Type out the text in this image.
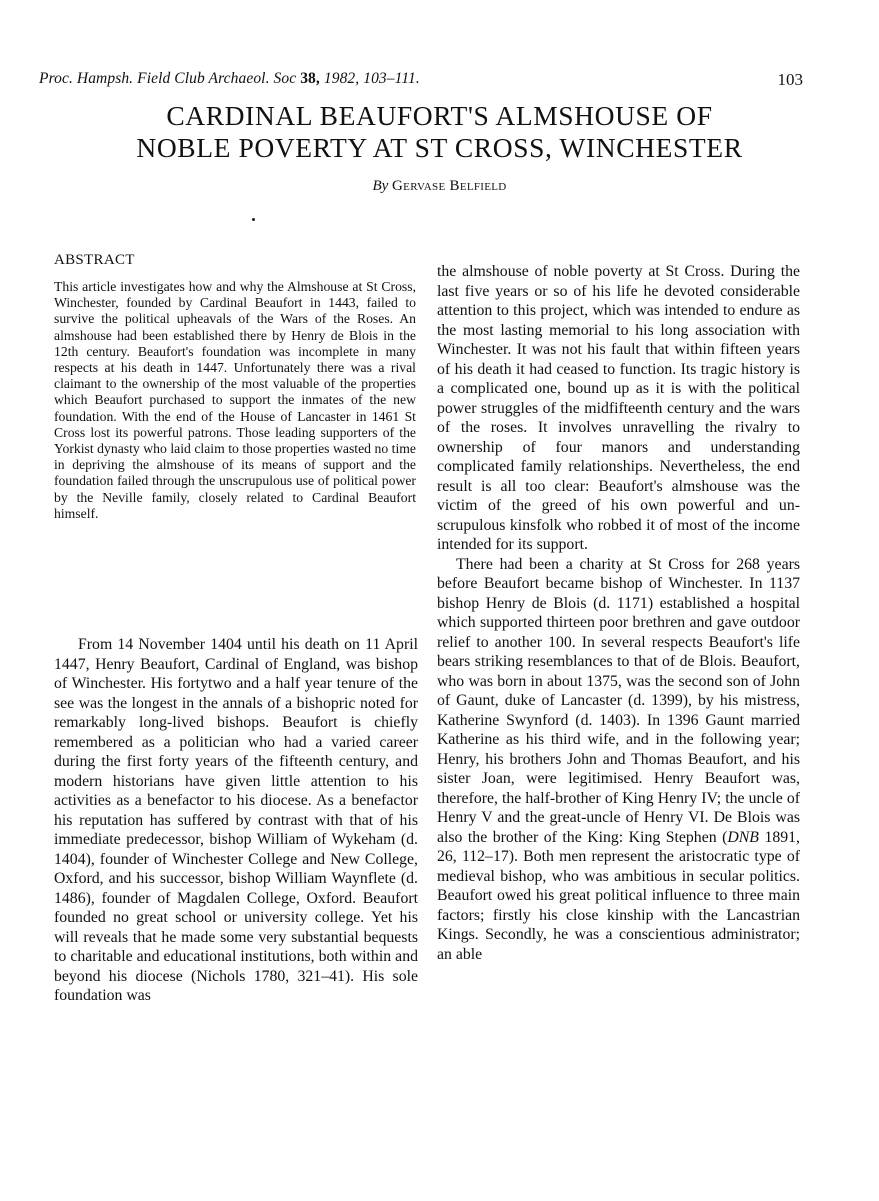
Proc. Hampsh. Field Club Archaeol. Soc 38, 1982, 103–111.	103
CARDINAL BEAUFORT'S ALMSHOUSE OF
NOBLE POVERTY AT ST CROSS, WINCHESTER
By Gervase Belfield
ABSTRACT

This article investigates how and why the Almshouse at St Cross, Winchester, founded by Cardinal Beaufort in 1443, failed to survive the political upheavals of the Wars of the Roses. An almshouse had been established there by Henry de Blois in the 12th century. Beaufort's foundation was incomplete in many respects at his death in 1447. Unfortunately there was a rival claimant to the ownership of the most valuable of the properties which Beaufort purchased to support the inmates of the new foundation. With the end of the House of Lancaster in 1461 St Cross lost its powerful patrons. Those leading supporters of the Yorkist dynasty who laid claim to those properties wasted no time in depriving the almshouse of its means of support and the foundation failed through the unscrupulous use of political power by the Neville family, closely related to Cardinal Beaufort himself.

From 14 November 1404 until his death on 11 April 1447, Henry Beaufort, Cardinal of England, was bishop of Winchester. His fortytwo and a half year tenure of the see was the longest in the annals of a bishopric noted for remarkably long-lived bishops. Beaufort is chiefly remembered as a politician who had a varied career during the first forty years of the fifteenth century, and modern historians have given little attention to his activities as a benefactor to his diocese. As a benefactor his reputation has suffered by contrast with that of his immediate predecessor, bishop William of Wykeham (d. 1404), founder of Winchester College and New College, Oxford, and his successor, bishop William Waynflete (d. 1486), founder of Magdalen College, Oxford. Beaufort founded no great school or university college. Yet his will reveals that he made some very substantial bequests to charitable and educational institutions, both within and beyond his diocese (Nichols 1780, 321–41). His sole foundation was

the almshouse of noble poverty at St Cross. During the last five years or so of his life he devoted considerable attention to this project, which was intended to endure as the most lasting memorial to his long association with Winchester. It was not his fault that within fifteen years of his death it had ceased to function. Its tragic history is a complicated one, bound up as it is with the political power struggles of the midfifteenth century and the wars of the roses. It involves unravelling the rivalry to ownership of four manors and understanding complicated family relationships. Nevertheless, the end result is all too clear: Beaufort's almshouse was the victim of the greed of his own powerful and unscrupulous kinsfolk who robbed it of most of the income intended for its support.

There had been a charity at St Cross for 268 years before Beaufort became bishop of Winchester. In 1137 bishop Henry de Blois (d. 1171) established a hospital which supported thirteen poor brethren and gave outdoor relief to another 100. In several respects Beaufort's life bears striking resemblances to that of de Blois. Beaufort, who was born in about 1375, was the second son of John of Gaunt, duke of Lancaster (d. 1399), by his mistress, Katherine Swynford (d. 1403). In 1396 Gaunt married Katherine as his third wife, and in the following year; Henry, his brothers John and Thomas Beaufort, and his sister Joan, were legitimised. Henry Beaufort was, therefore, the half-brother of King Henry IV; the uncle of Henry V and the great-uncle of Henry VI. De Blois was also the brother of the King: King Stephen (DNB 1891, 26, 112–17). Both men represent the aristocratic type of medieval bishop, who was ambitious in secular politics. Beaufort owed his great political influence to three main factors; firstly his close kinship with the Lancastrian Kings. Secondly, he was a conscientious administrator; an able
